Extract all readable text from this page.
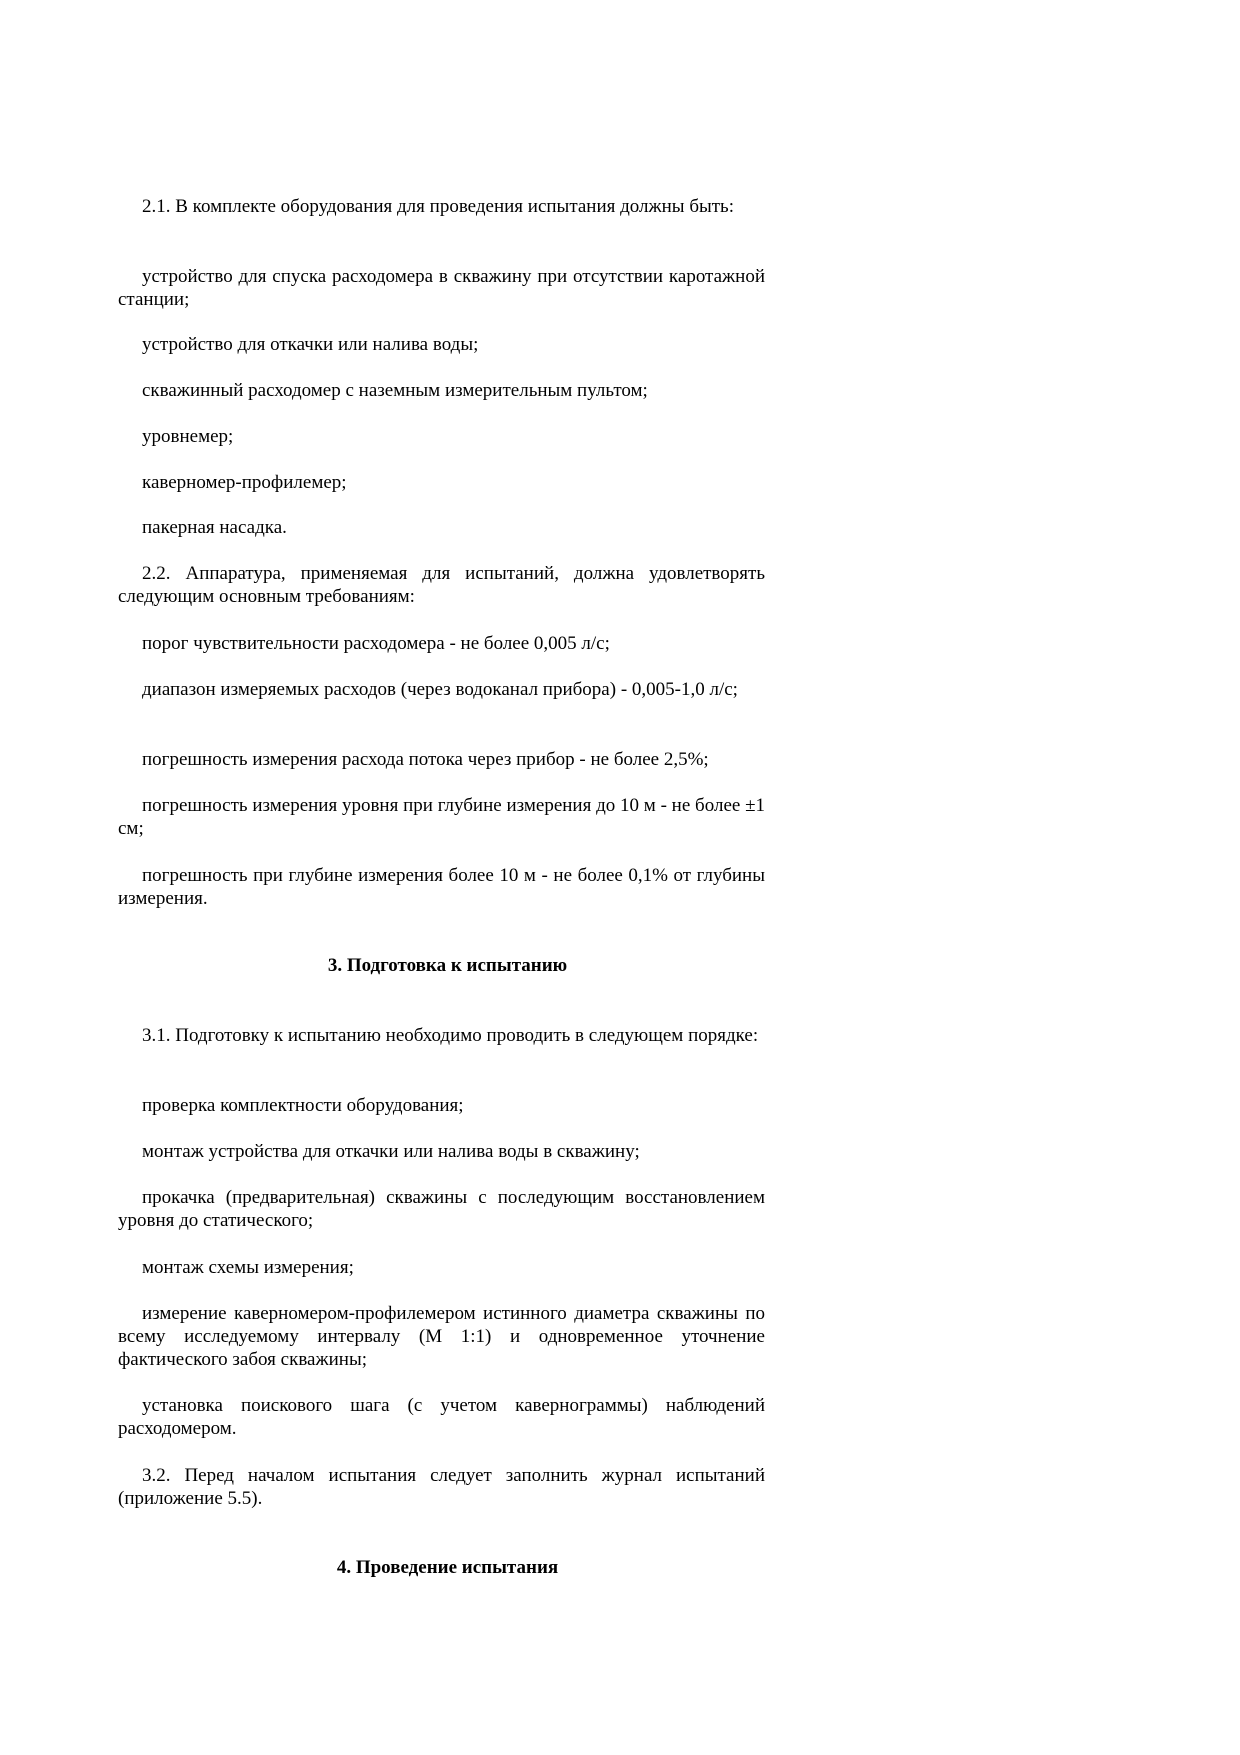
2.1. В комплекте оборудования для проведения испытания должны быть:

устройство для спуска расходомера в скважину при отсутствии каротажной станции;

устройство для откачки или налива воды;

скважинный расходомер с наземным измерительным пультом;

уровнемер;

каверномер-профилемер;

пакерная насадка.

2.2. Аппаратура, применяемая для испытаний, должна удовлетворять следующим основным требованиям:

порог чувствительности расходомера - не более 0,005 л/с;

диапазон измеряемых расходов (через водоканал прибора) - 0,005-1,0 л/с;

погрешность измерения расхода потока через прибор - не более 2,5%;

погрешность измерения уровня при глубине измерения до 10 м - не более ±1 см;

погрешность при глубине измерения более 10 м - не более 0,1% от глубины измерения.

3. Подготовка к испытанию

3.1. Подготовку к испытанию необходимо проводить в следующем порядке:

проверка комплектности оборудования;

монтаж устройства для откачки или налива воды в скважину;

прокачка (предварительная) скважины с последующим восстановлением уровня до статического;

монтаж схемы измерения;

измерение каверномером-профилемером истинного диаметра скважины по всему исследуемому интервалу (М 1:1) и одновременное уточнение фактического забоя скважины;

установка поискового шага (с учетом кавернограммы) наблюдений расходомером.

3.2. Перед началом испытания следует заполнить журнал испытаний (приложение 5.5).

4. Проведение испытания
